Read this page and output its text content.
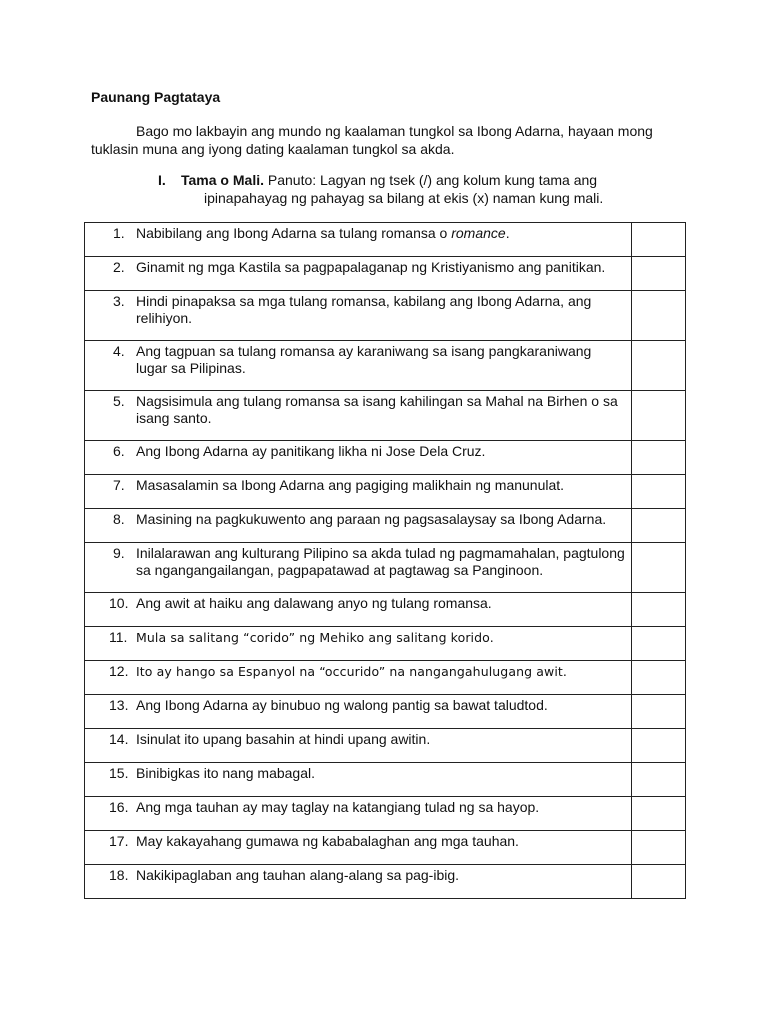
Paunang Pagtataya
Bago mo lakbayin ang mundo ng kaalaman tungkol sa Ibong Adarna, hayaan mong tuklasin muna ang iyong dating kaalaman tungkol sa akda.
I. Tama o Mali. Panuto: Lagyan ng tsek (/) ang kolum kung tama ang
ipinapahayag ng pahayag sa bilang at ekis (x) naman kung mali.
1. Nabibilang ang Ibong Adarna sa tulang romansa o romance.	

2. Ginamit ng mga Kastila sa pagpapalaganap ng Kristiyanismo ang panitikan.	

3. Hindi pinapaksa sa mga tulang romansa, kabilang ang Ibong Adarna, ang relihiyon.	

4. Ang tagpuan sa tulang romansa ay karaniwang sa isang pangkaraniwang lugar sa Pilipinas.	

5. Nagsisimula ang tulang romansa sa isang kahilingan sa Mahal na Birhen o sa isang santo.	

6. Ang Ibong Adarna ay panitikang likha ni Jose Dela Cruz.	

7. Masasalamin sa Ibong Adarna ang pagiging malikhain ng manunulat.	

8. Masining na pagkukuwento ang paraan ng pagsasalaysay sa Ibong Adarna.	

9. Inilalarawan ang kulturang Pilipino sa akda tulad ng pagmamahalan, pagtulong sa ngangangailangan, pagpapatawad at pagtawag sa Panginoon.	

10. Ang awit at haiku ang dalawang anyo ng tulang romansa.	

11. Mula sa salitang “corido” ng Mehiko ang salitang korido.	

12. Ito ay hango sa Espanyol na “occurido” na nangangahulugang awit.	

13. Ang Ibong Adarna ay binubuo ng walong pantig sa bawat taludtod.	

14. Isinulat ito upang basahin at hindi upang awitin.	

15. Binibigkas ito nang mabagal.	

16. Ang mga tauhan ay may taglay na katangiang tulad ng sa hayop.	

17. May kakayahang gumawa ng kababalaghan ang mga tauhan.	

18. Nakikipaglaban ang tauhan alang-alang sa pag-ibig.	
